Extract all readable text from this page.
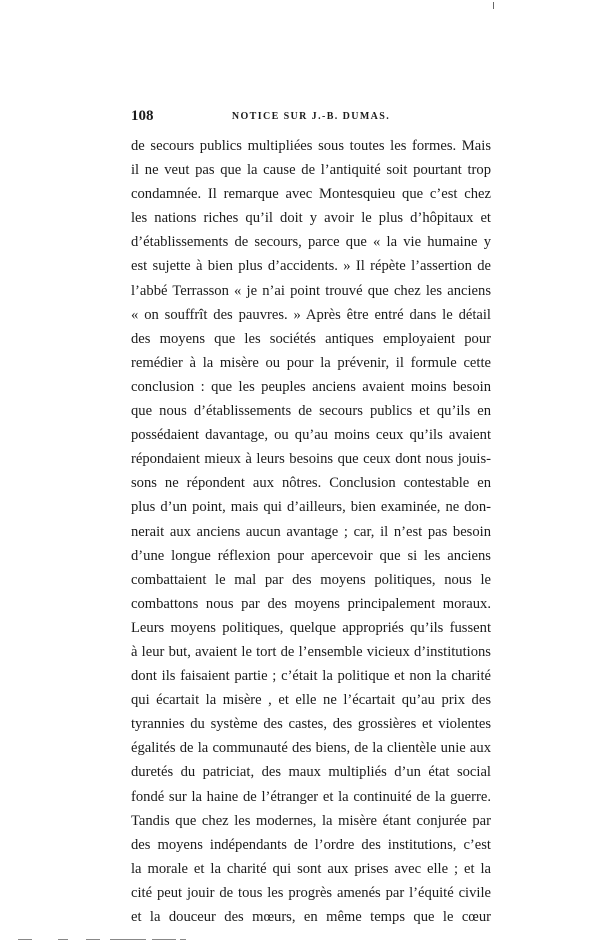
108	NOTICE SUR J.-B. DUMAS.
de secours publics multipliées sous toutes les formes. Mais
il ne veut pas que la cause de l’antiquité soit pourtant trop
condamnée. Il remarque avec Montesquieu que c’est chez
les nations riches qu’il doit y avoir le plus d’hôpitaux et
d’établissements de secours, parce que « la vie humaine y
est sujette à bien plus d’accidents. » Il répète l’assertion de
l’abbé Terrasson « je n’ai point trouvé que chez les anciens
« on souffrît des pauvres. » Après être entré dans le détail
des moyens que les sociétés antiques employaient pour
remédier à la misère ou pour la prévenir, il formule cette
conclusion : que les peuples anciens avaient moins besoin
que nous d’établissements de secours publics et qu’ils en
possédaient davantage, ou qu’au moins ceux qu’ils avaient
répondaient mieux à leurs besoins que ceux dont nous jouis-
sons ne répondent aux nôtres. Conclusion contestable en
plus d’un point, mais qui d’ailleurs, bien examinée, ne don-
nerait aux anciens aucun avantage ; car, il n’est pas besoin
d’une longue réflexion pour apercevoir que si les anciens
combattaient le mal par des moyens politiques, nous le
combattons nous par des moyens principalement moraux.
Leurs moyens politiques, quelque appropriés qu’ils fussent
à leur but, avaient le tort de l’ensemble vicieux d’institutions
dont ils faisaient partie ; c’était la politique et non la charité
qui écartait la misère , et elle ne l’écartait qu’au prix des
tyrannies du système des castes, des grossières et violentes
égalités de la communauté des biens, de la clientèle unie aux
duretés du patriciat, des maux multipliés d’un état social
fondé sur la haine de l’étranger et la continuité de la guerre.
Tandis que chez les modernes, la misère étant conjurée par
des moyens indépendants de l’ordre des institutions, c’est
la morale et la charité qui sont aux prises avec elle ; et la
cité peut jouir de tous les progrès amenés par l’équité civile
et la douceur des mœurs, en même temps que le cœur
